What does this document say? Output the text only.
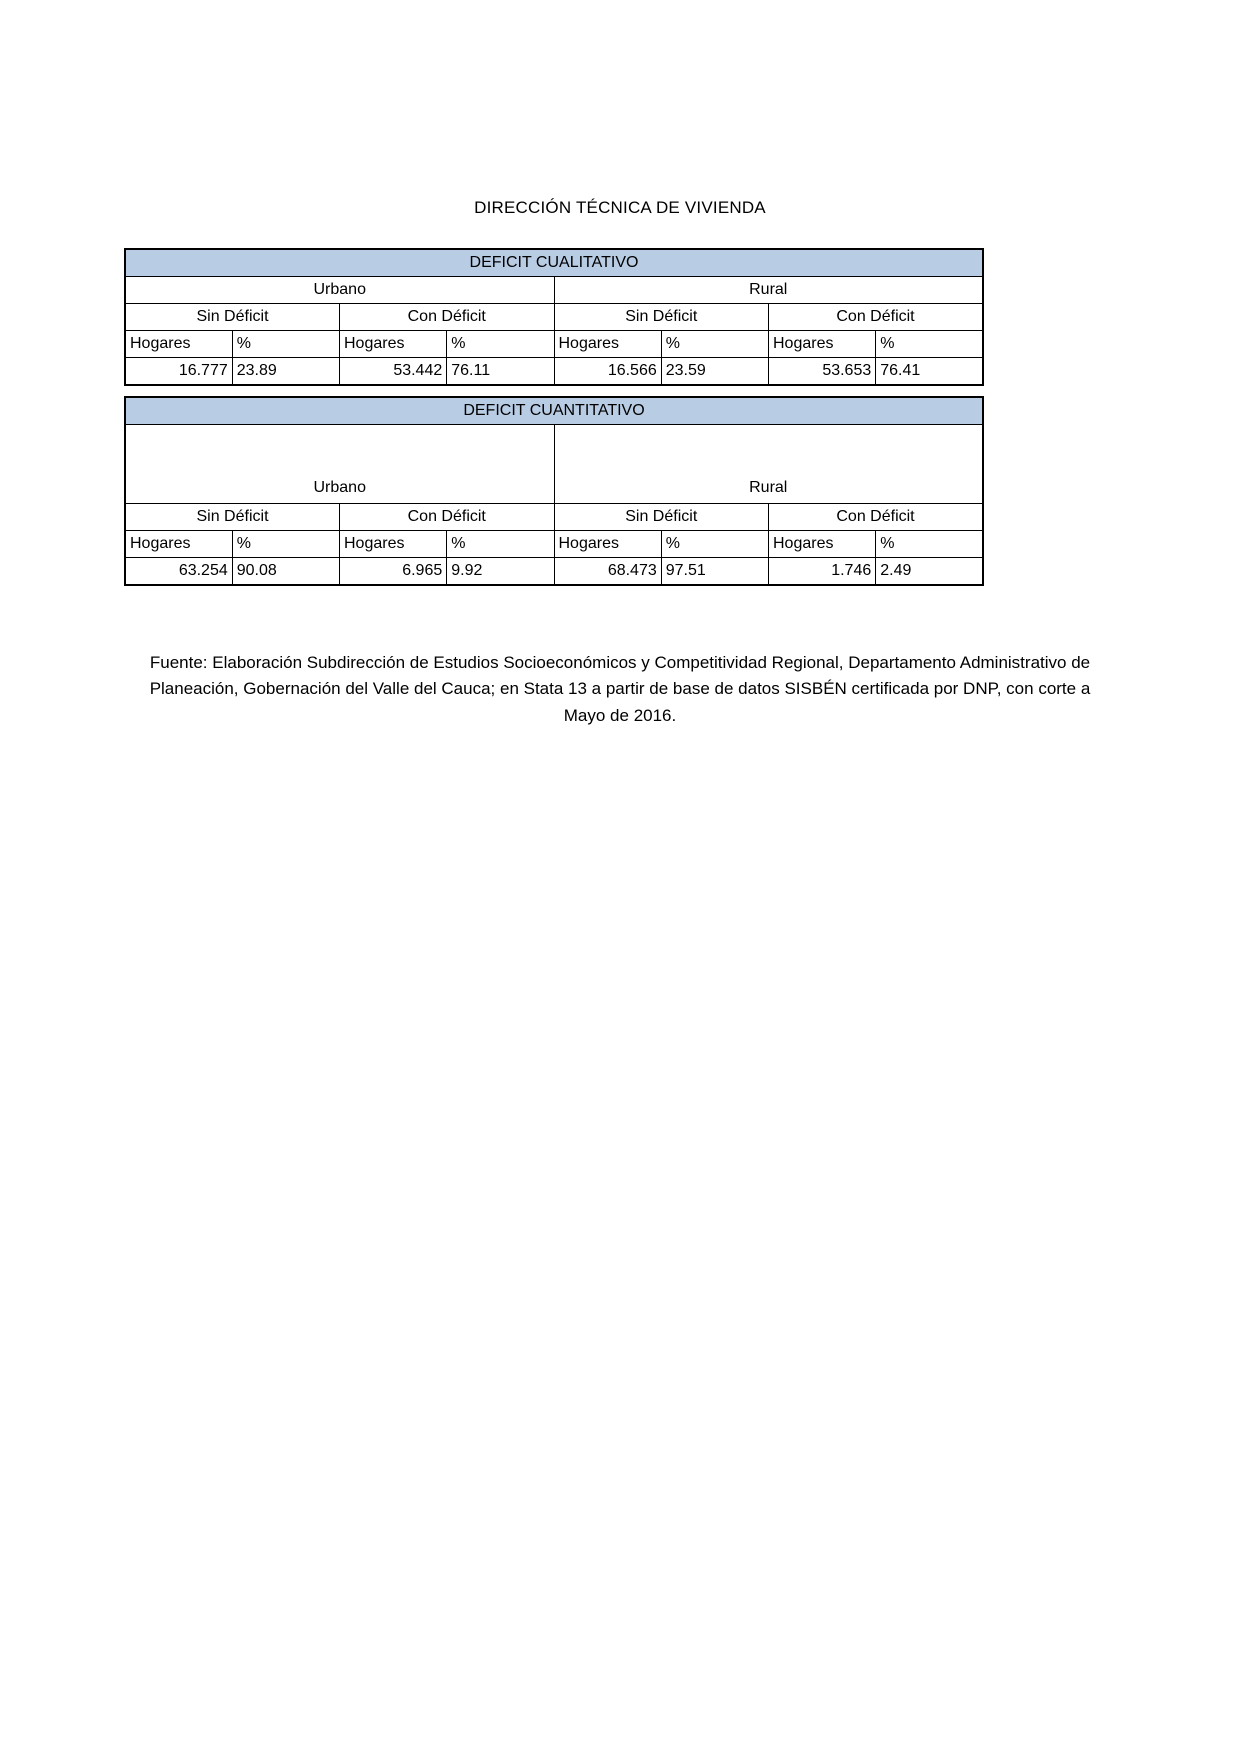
DIRECCIÓN TÉCNICA DE VIVIENDA
DEFICIT CUALITATIVO							
Urbano				Rural			
Sin Déficit		Con Déficit		Sin Déficit		Con Déficit	
Hogares	%	Hogares	%	Hogares	%	Hogares	%
16.777	23.89	53.442	76.11	16.566	23.59	53.653	76.41
DEFICIT CUANTITATIVO							
Urbano				Rural			
Sin Déficit		Con Déficit		Sin Déficit		Con Déficit	
Hogares	%	Hogares	%	Hogares	%	Hogares	%
63.254	90.08	6.965	9.92	68.473	97.51	1.746	2.49
Fuente: Elaboración Subdirección de Estudios Socioeconómicos y Competitividad Regional, Departamento Administrativo de Planeación, Gobernación del Valle del Cauca; en Stata 13 a partir de base de datos SISBÉN certificada por DNP, con corte a Mayo de 2016.
